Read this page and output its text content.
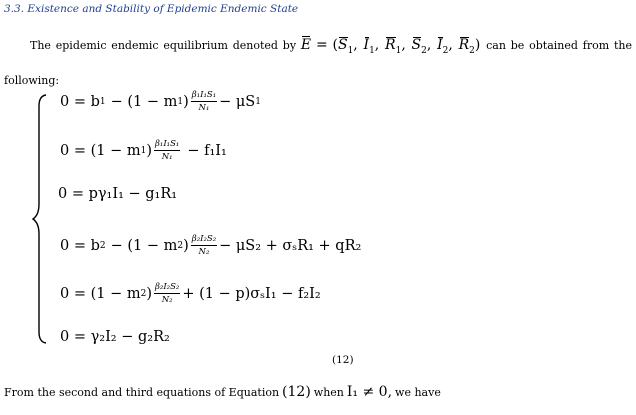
3.3. Existence and Stability of Epidemic Endemic State
The epidemic endemic equilibrium denoted by $E = (S_1$, $I_1$, $R_1$, $S_2$, $I_2$, $R_2$) can be obtained from the following:
0 = b 1 − (1 − m 1 ) $\frac{\text{β₁I₁S₁}}{\text{N₁}} - \mu S$ 1
0 = (1 − m 1 ) $\frac{\text{β₁I₁S₁}}{\text{N₁}} - f_1I_1$
0 = pγ₁I₁ − g₁R₁
0 = b 2 − (1 − m 2 ) $\frac{\text{β₂I₂S₂}}{\text{N₂}} - \mu S_2 + \sigma_sR_1 + qR_2$
0 = (1 − m 2 ) $\frac{\text{β₂I₂S₂}}{\text{N₂}} + (1 - p)\sigma_sI_1 - f_2I_2$
0 = γ₂I₂ − g₂R₂
(12)
From the second and third equations of Equation (12) when I₁ ≠ 0, we have
